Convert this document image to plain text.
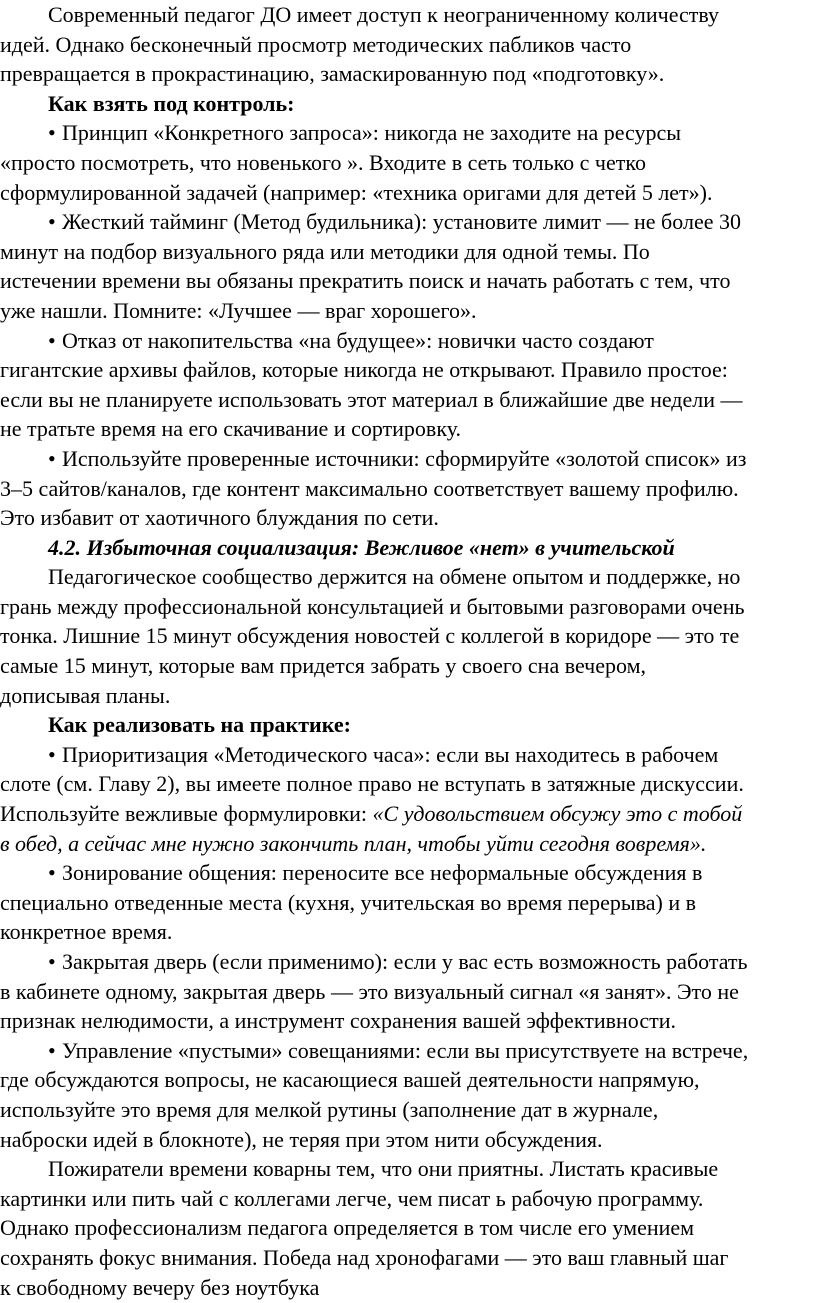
Современный педагог ДО имеет доступ к неограниченному количеству
идей. Однако бесконечный просмотр методических пабликов часто
превращается в прокрастинацию, замаскированную под «подготовку».
Как взять под контроль:
• Принцип «Конкретного запроса»: никогда не заходите на ресурсы
«просто посмотреть, что новенького ». Входите в сеть только с четко
сформулированной задачей (например: «техника оригами для детей 5 лет»).
• Жесткий тайминг (Метод будильника): установите лимит — не более 30
минут на подбор визуального ряда или методики для одной темы. По
истечении времени вы обязаны прекратить поиск и начать работать с тем, что
уже нашли. Помните: «Лучшее — враг хорошего».
• Отказ от накопительства «на будущее»: новички часто создают
гигантские архивы файлов, которые никогда не открывают. Правило простое:
если вы не планируете использовать этот материал в ближайшие две недели —
не тратьте время на его скачивание и сортировку.
• Используйте проверенные источники: сформируйте «золотой список» из
3–5 сайтов/каналов, где контент максимально соответствует вашему профилю.
Это избавит от хаотичного блуждания по сети.
4.2. Избыточная социализация: Вежливое «нет» в учительской
Педагогическое сообщество держится на обмене опытом и поддержке, но
грань между профессиональной консультацией и бытовыми разговорами очень
тонка. Лишние 15 минут обсуждения новостей с коллегой в коридоре — это те
самые 15 минут, которые вам придется забрать у своего сна вечером,
дописывая планы.
Как реализовать на практике:
• Приоритизация «Методического часа»: если вы находитесь в рабочем
слоте (см. Главу 2), вы имеете полное право не вступать в затяжные дискуссии.
Используйте вежливые формулировки: «С удовольствием обсужу это с тобой
в обед, а сейчас мне нужно закончить план, чтобы уйти сегодня вовремя».
• Зонирование общения: переносите все неформальные обсуждения в
специально отведенные места (кухня, учительская во время перерыва) и в
конкретное время.
• Закрытая дверь (если применимо): если у вас есть возможность работать
в кабинете одному, закрытая дверь — это визуальный сигнал «я занят». Это не
признак нелюдимости, а инструмент сохранения вашей эффективности.
• Управление «пустыми» совещаниями: если вы присутствуете на встрече,
где обсуждаются вопросы, не касающиеся вашей деятельности напрямую,
используйте это время для мелкой рутины (заполнение дат в журнале,
наброски идей в блокноте), не теряя при этом нити обсуждения.
Пожиратели времени коварны тем, что они приятны. Листать красивые
картинки или пить чай с коллегами легче, чем писат ь рабочую программу.
Однако профессионализм педагога определяется в том числе его умением
сохранять фокус внимания. Победа над хронофагами — это ваш главный шаг
к свободному вечеру без ноутбука
